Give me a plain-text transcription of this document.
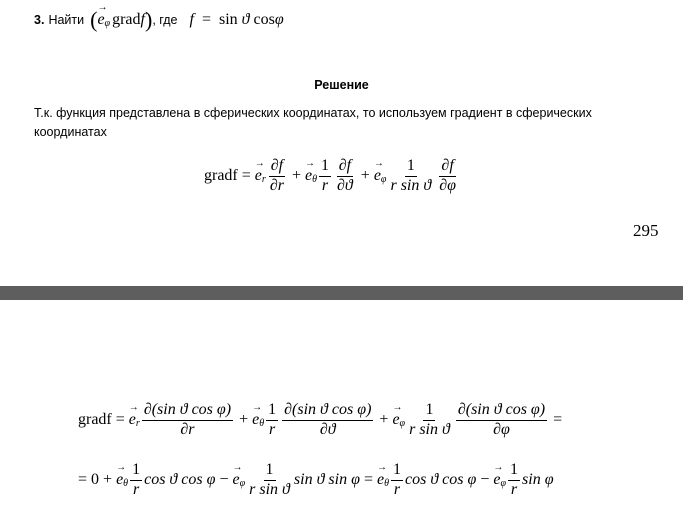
3. Найти ( → e φ grad f ) , где f = sin ϑ cosφ
Решение
Т.к. функция представлена в сферических координатах, то используем градиент в сферических координатах
gradf = → e r $\frac{\partial f}{\partial r}$ + → e θ $\frac{1}{r} \frac{\partial f}{\partial ϑ}$ + → e φ $\frac{1}{\text{r sin ϑ}} \frac{\partial f}{\partial\varphi}$
295
gradf = → e r $\frac{\text{∂(sin ϑ cos φ)}}{\partial r}$ + → e θ $\frac{1}{r} \frac{\text{∂(sin ϑ cos φ)}}{\partial ϑ}$ + → e φ $\frac{1}{\text{r sin ϑ}} \frac{\text{∂(sin ϑ cos φ)}}{\partial\varphi}$ =
= 0 + → e θ $\frac{1}{r}$ cos ϑ cos φ − → e φ $\frac{1}{\text{r sin ϑ}}$ sin ϑ sin φ = → e θ $\frac{1}{r}$ cos ϑ cos φ − → e φ $\frac{1}{r}$ sin φ
